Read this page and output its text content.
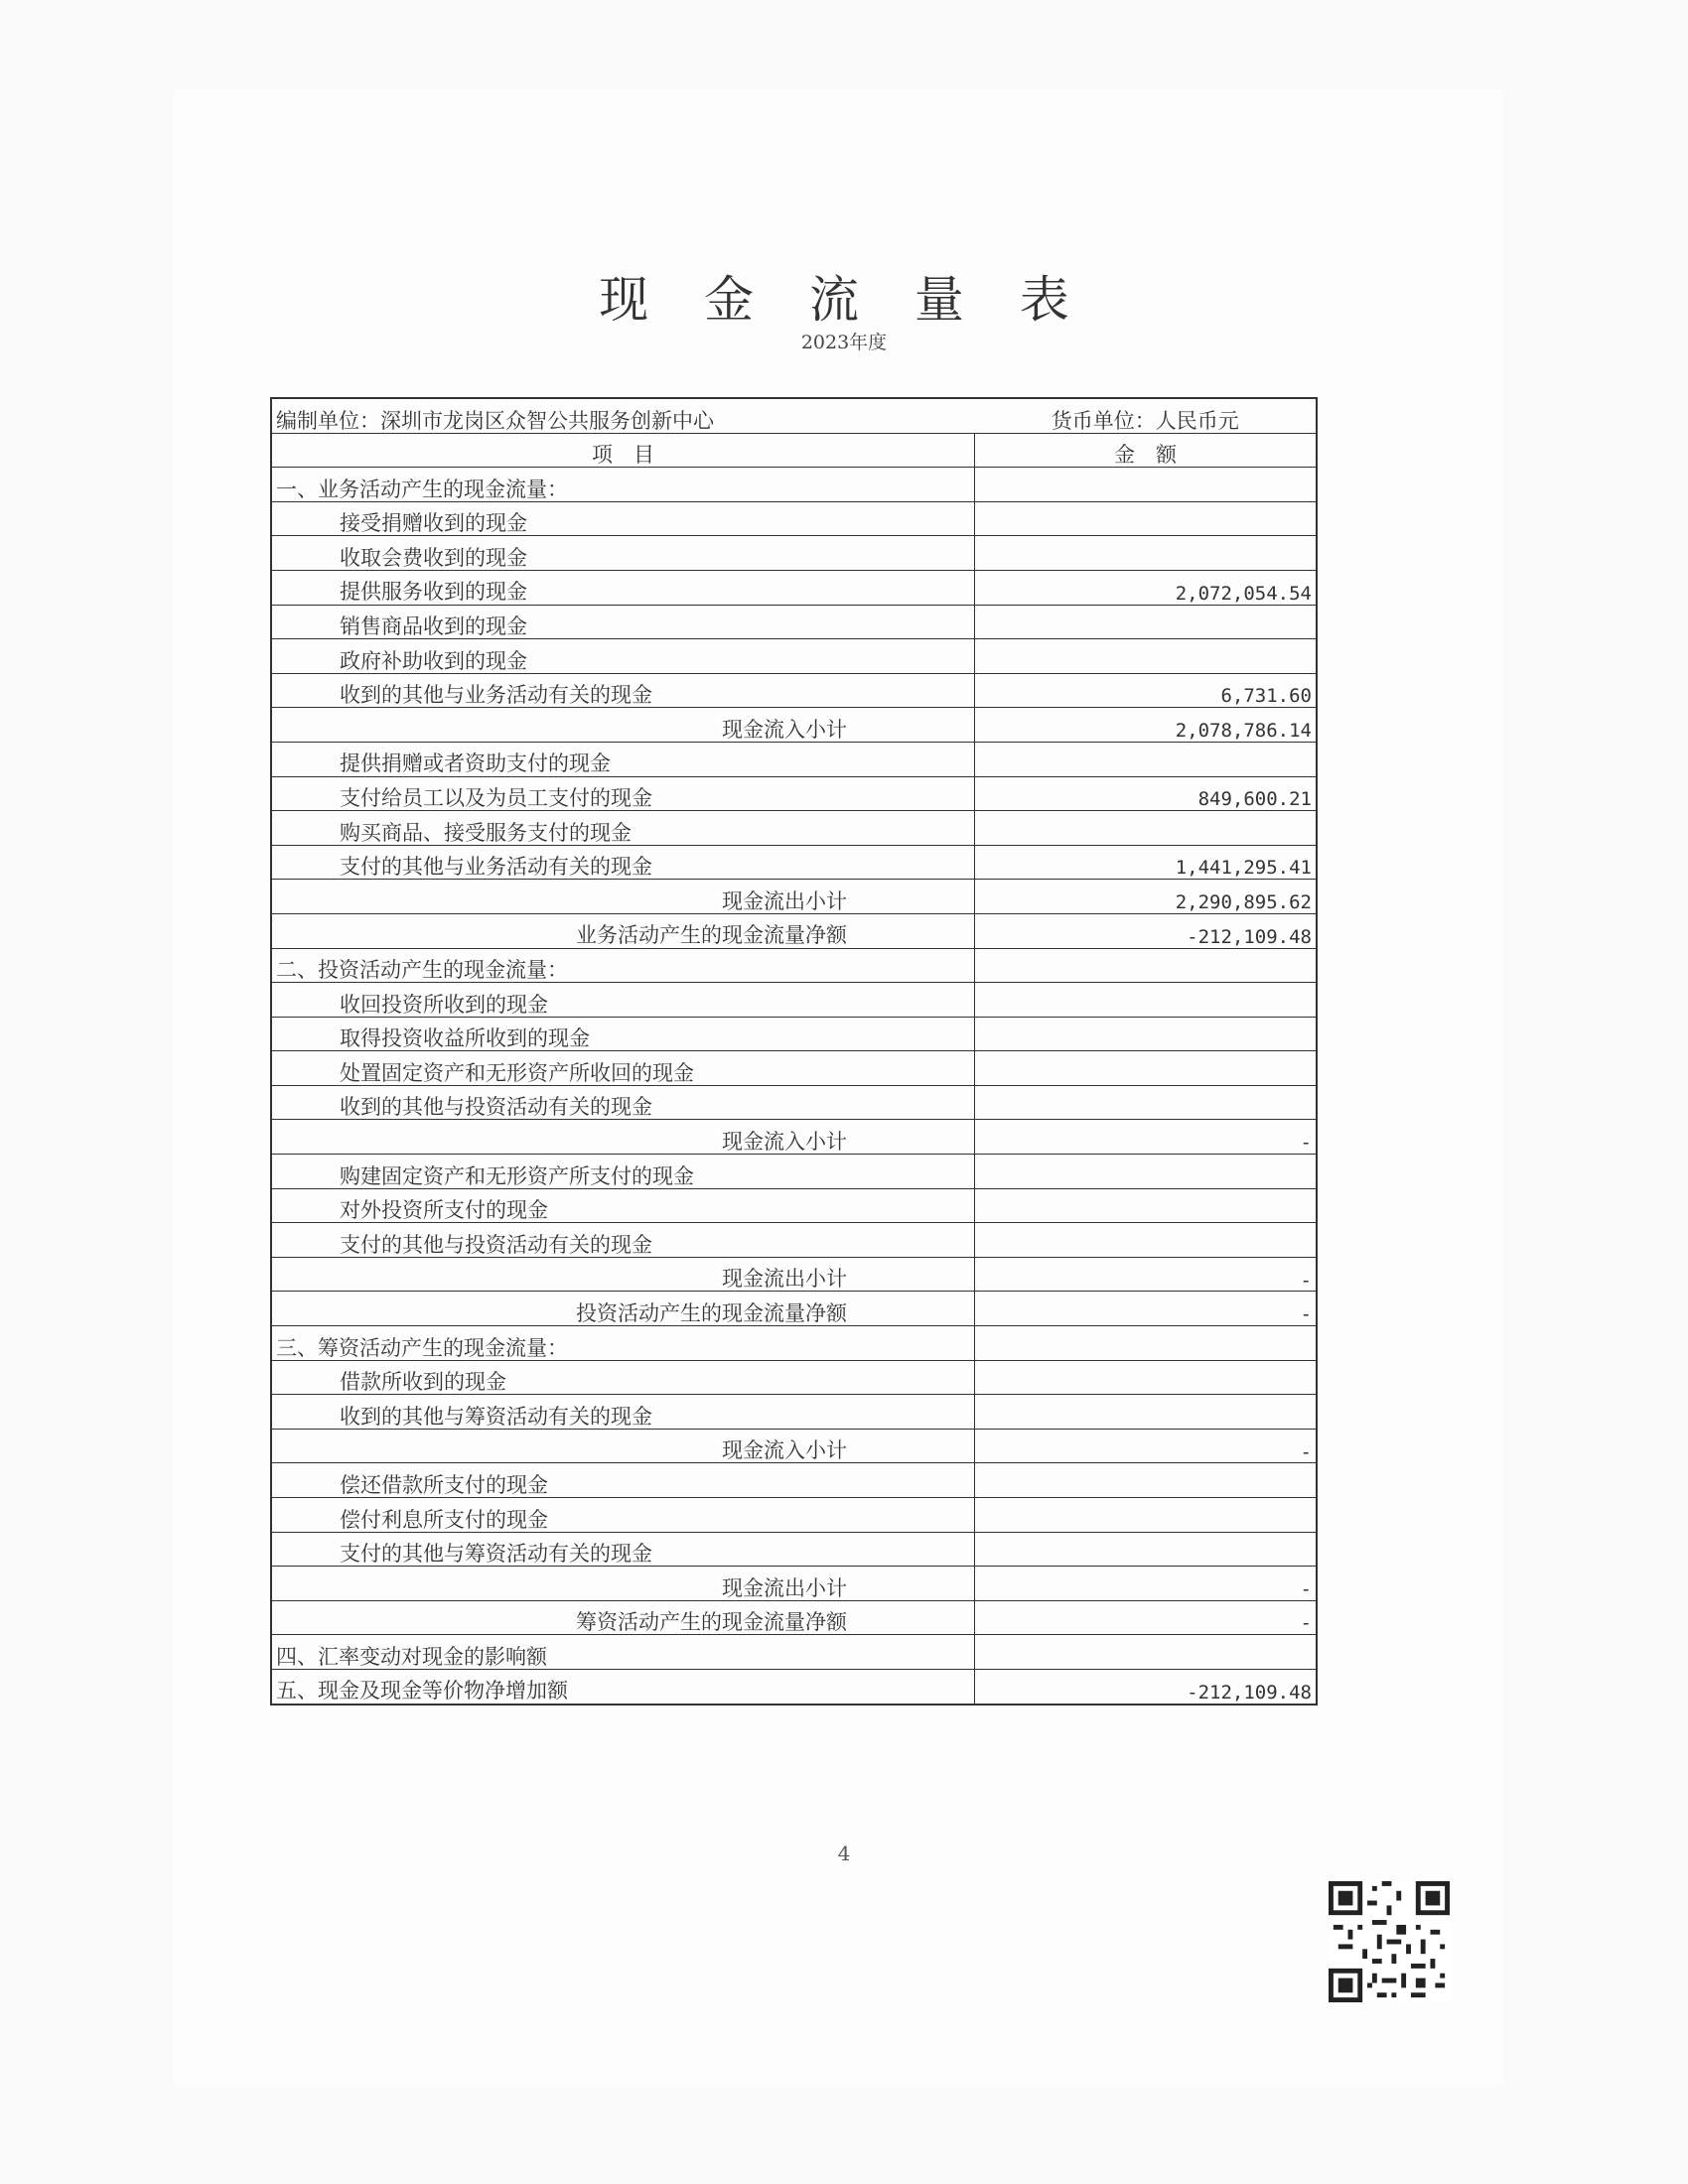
现 金 流 量 表
2023年度
编制单位：深圳市龙岗区众智公共服务创新中心	货币单位：人民币元
项　目	金　额
一、业务活动产生的现金流量：	
接受捐赠收到的现金	
收取会费收到的现金	
提供服务收到的现金	2,072,054.54
销售商品收到的现金	
政府补助收到的现金	
收到的其他与业务活动有关的现金	6,731.60
现金流入小计	2,078,786.14
提供捐赠或者资助支付的现金	
支付给员工以及为员工支付的现金	849,600.21
购买商品、接受服务支付的现金	
支付的其他与业务活动有关的现金	1,441,295.41
现金流出小计	2,290,895.62
业务活动产生的现金流量净额	-212,109.48
二、投资活动产生的现金流量：	
收回投资所收到的现金	
取得投资收益所收到的现金	
处置固定资产和无形资产所收回的现金	
收到的其他与投资活动有关的现金	
现金流入小计	-
购建固定资产和无形资产所支付的现金	
对外投资所支付的现金	
支付的其他与投资活动有关的现金	
现金流出小计	-
投资活动产生的现金流量净额	-
三、筹资活动产生的现金流量：	
借款所收到的现金	
收到的其他与筹资活动有关的现金	
现金流入小计	-
偿还借款所支付的现金	
偿付利息所支付的现金	
支付的其他与筹资活动有关的现金	
现金流出小计	-
筹资活动产生的现金流量净额	-
四、汇率变动对现金的影响额	
五、现金及现金等价物净增加额	-212,109.48
4
